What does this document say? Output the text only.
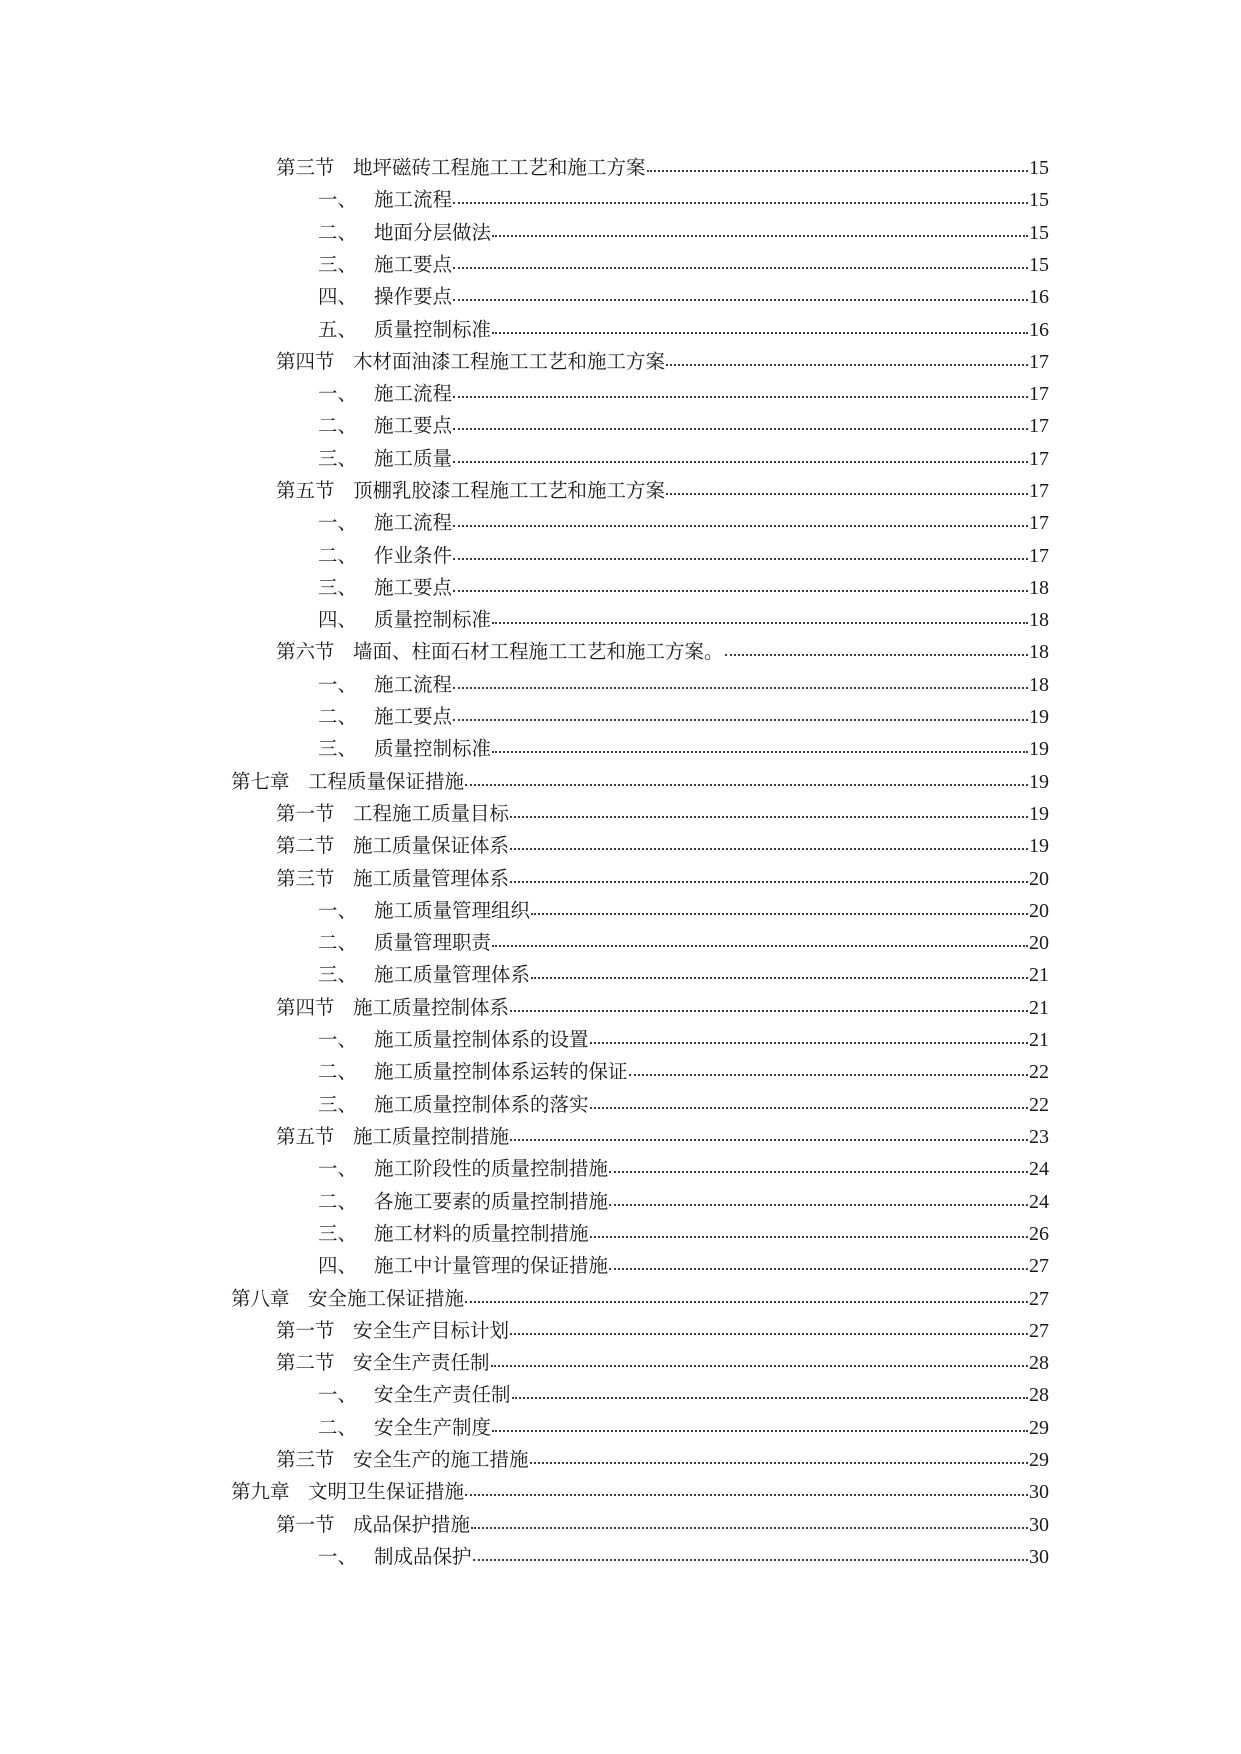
第三节 地坪磁砖工程施工工艺和施工方案	15
一、 施工流程	15
二、 地面分层做法	15
三、 施工要点	15
四、 操作要点	16
五、 质量控制标准	16
第四节 木材面油漆工程施工工艺和施工方案	17
一、 施工流程	17
二、 施工要点	17
三、 施工质量	17
第五节 顶棚乳胶漆工程施工工艺和施工方案	17
一、 施工流程	17
二、 作业条件	17
三、 施工要点	18
四、 质量控制标准	18
第六节 墙面、柱面石材工程施工工艺和施工方案。	18
一、 施工流程	18
二、 施工要点	19
三、 质量控制标准	19
第七章 工程质量保证措施	19
第一节 工程施工质量目标	19
第二节 施工质量保证体系	19
第三节 施工质量管理体系	20
一、 施工质量管理组织	20
二、 质量管理职责	20
三、 施工质量管理体系	21
第四节 施工质量控制体系	21
一、 施工质量控制体系的设置	21
二、 施工质量控制体系运转的保证	22
三、 施工质量控制体系的落实	22
第五节 施工质量控制措施	23
一、 施工阶段性的质量控制措施	24
二、 各施工要素的质量控制措施	24
三、 施工材料的质量控制措施	26
四、 施工中计量管理的保证措施	27
第八章 安全施工保证措施	27
第一节 安全生产目标计划	27
第二节 安全生产责任制	28
一、 安全生产责任制	28
二、 安全生产制度	29
第三节 安全生产的施工措施	29
第九章 文明卫生保证措施	30
第一节 成品保护措施	30
一、 制成品保护	30
